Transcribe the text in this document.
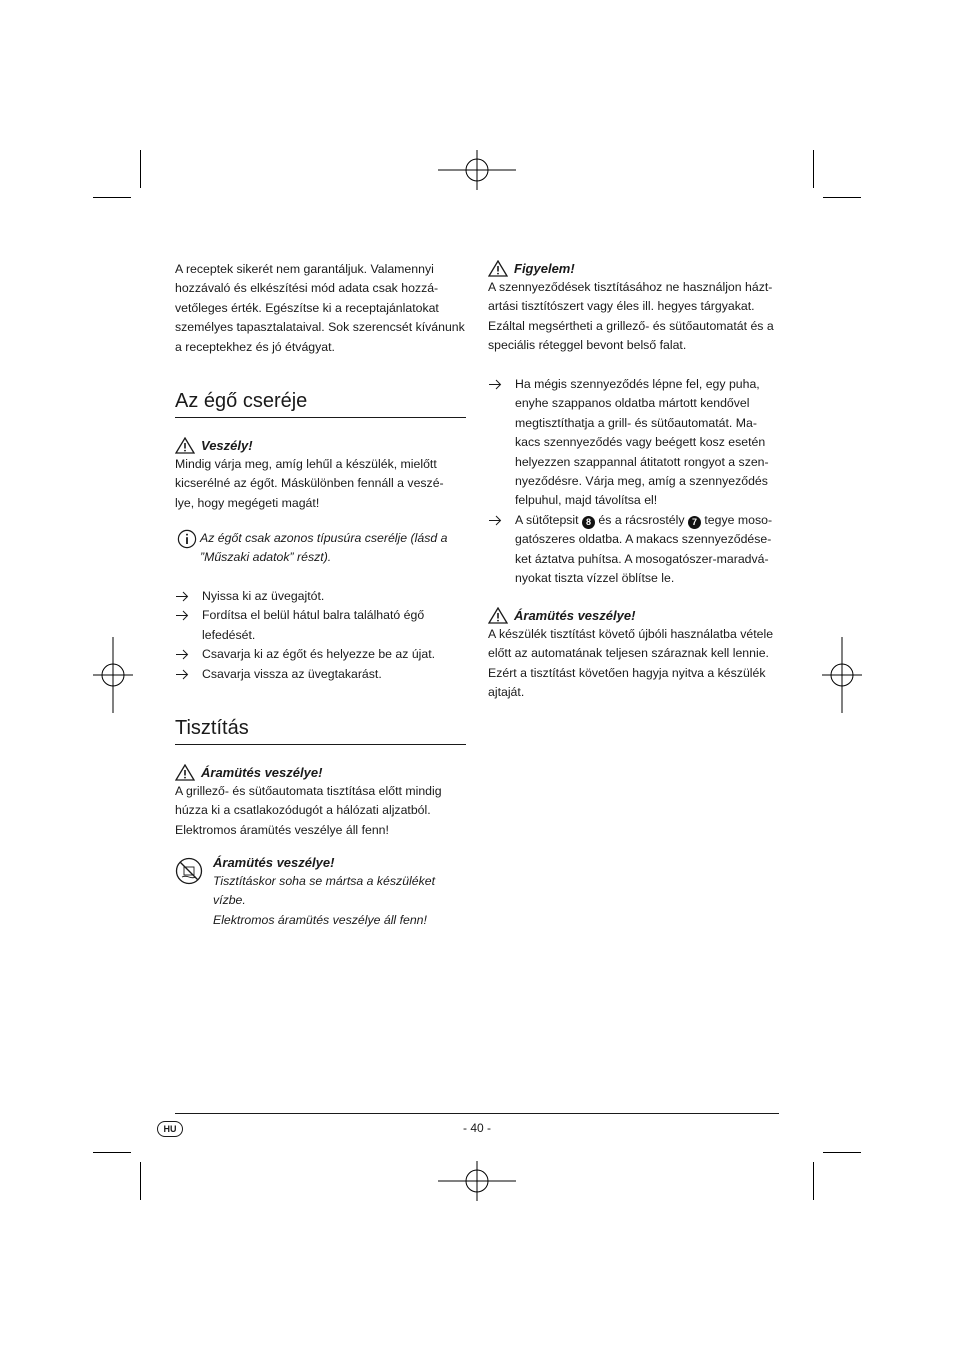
A receptek sikerét nem garantáljuk. Valamennyi
hozzávaló és elkészítési mód adata csak hozzá-
vetőleges érték. Egészítse ki a receptajánlatokat
személyes tapasztalataival. Sok szerencsét kívánunk
a receptekhez és jó étvágyat.

Az égő cseréje
Veszély!

Mindig várja meg, amíg lehűl a készülék, mielőtt
kicserélné az égőt. Máskülönben fennáll a veszé-
lye, hogy megégeti magát!

Az égőt csak azonos típusúra cserélje (lásd a
”Műszaki adatok” részt).

Nyissa ki az üvegajtót.
Fordítsa el belül hátul balra található égő
lefedését.
Csavarja ki az égőt és helyezze be az újat.
Csavarja vissza az üvegtakarást.
Tisztítás
Áramütés veszélye!

A grillező- és sütőautomata tisztítása előtt mindig
húzza ki a csatlakozódugót a hálózati aljzatból.
Elektromos áramütés veszélye áll fenn!

Áramütés veszélye!

Tisztításkor soha se mártsa a készüléket vízbe.
Elektromos áramütés veszélye áll fenn!

Figyelem!

A szennyeződések tisztításához ne használjon házt-
artási tisztítószert vagy éles ill. hegyes tárgyakat.
Ezáltal megsértheti a grillező- és sütőautomatát és a
speciális réteggel bevont belső falat.

Ha mégis szennyeződés lépne fel, egy puha,
enyhe szappanos oldatba mártott kendővel
megtisztíthatja a grill- és sütőautomatát. Ma-
kacs szennyeződés vagy beégett kosz esetén
helyezzen szappannal átitatott rongyot a szen-
nyeződésre. Várja meg, amíg a szennyeződés
felpuhul, majd távolítsa el!
A sütőtepsit 8 és a rácsrostély 7 tegye moso-
gatószeres oldatba. A makacs szennyeződése-
ket áztatva puhítsa. A mosogatószer-maradvá-
nyokat tiszta vízzel öblítse le.
Áramütés veszélye!

A készülék tisztítást követő újbóli használatba vétele
előtt az automatának teljesen száraznak kell lennie.
Ezért a tisztítást követően hagyja nyitva a készülék
ajtaját.

HU	- 40 -
